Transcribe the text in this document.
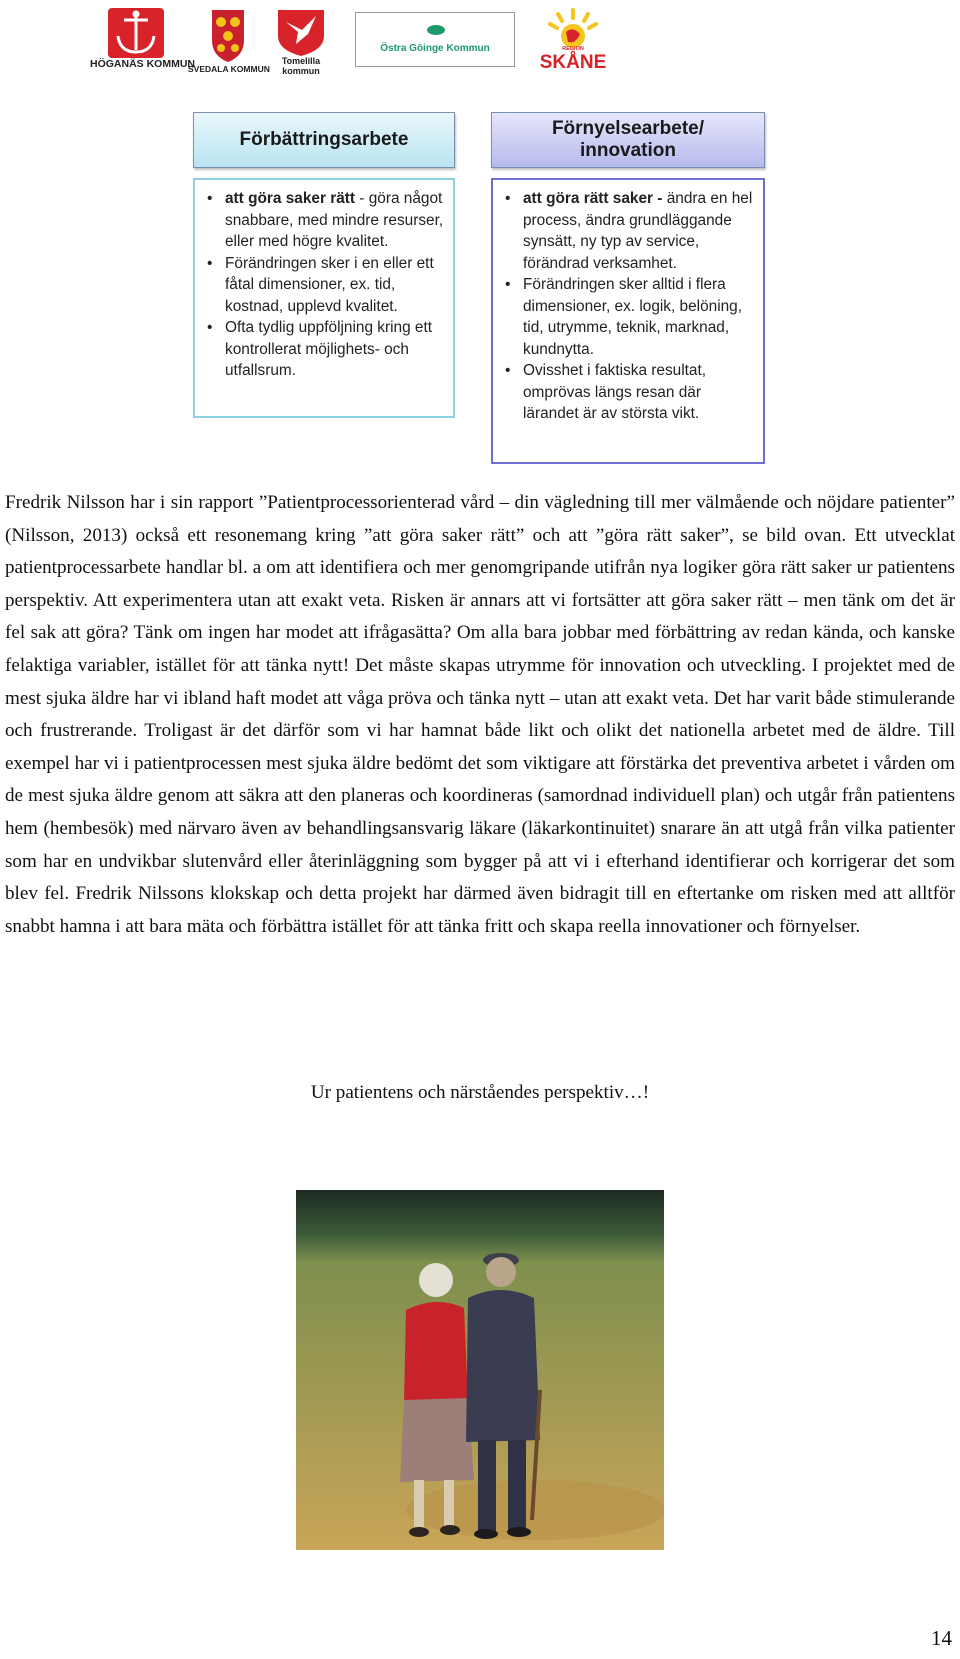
HÖGANÄS KOMMUN
SVEDALA KOMMUN
Tomelilla kommun
Östra Göinge Kommun	REGION
SKÅNE
Förbättringsarbete
Förnyelsearbete/
innovation
• att göra saker rätt - göra något snabbare, med mindre resurser, eller med högre kvalitet.
• Förändringen sker i en eller ett fåtal dimensioner, ex. tid, kostnad, upplevd kvalitet.
• Ofta tydlig uppföljning kring ett kontrollerat möjlighets- och utfallsrum.
• att göra rätt saker - ändra en hel process, ändra grundläggande synsätt, ny typ av service, förändrad verksamhet.
• Förändringen sker alltid i flera dimensioner, ex. logik, belöning, tid, utrymme, teknik, marknad, kundnytta.
• Ovisshet i faktiska resultat, omprövas längs resan där lärandet är av största vikt.

Fredrik Nilsson har i sin rapport ”Patientprocessorienterad vård – din vägledning till mer välmående och nöjdare patienter” (Nilsson, 2013) också ett resonemang kring ”att göra saker rätt” och att ”göra rätt saker”, se bild ovan. Ett utvecklat patientprocessarbete handlar bl. a om att identifiera och mer genomgripande utifrån nya logiker göra rätt saker ur patientens perspektiv. Att experimentera utan att exakt veta. Risken är annars att vi fortsätter att göra saker rätt – men tänk om det är fel sak att göra? Tänk om ingen har modet att ifrågasätta? Om alla bara jobbar med förbättring av redan kända, och kanske felaktiga variabler, istället för att tänka nytt! Det måste skapas utrymme för innovation och utveckling. I projektet med de mest sjuka äldre har vi ibland haft modet att våga pröva och tänka nytt – utan att exakt veta. Det har varit både stimulerande och frustrerande. Troligast är det därför som vi har hamnat både likt och olikt det nationella arbetet med de äldre. Till exempel har vi i patientprocessen mest sjuka äldre bedömt det som viktigare att förstärka det preventiva arbetet i vården om de mest sjuka äldre genom att säkra att den planeras och koordineras (samordnad individuell plan) och utgår från patientens hem (hembesök) med närvaro även av behandlingsansvarig läkare (läkarkontinuitet) snarare än att utgå från vilka patienter som har en undvikbar slutenvård eller återinläggning som bygger på att vi i efterhand identifierar och korrigerar det som blev fel. Fredrik Nilssons klokskap och detta projekt har därmed även bidragit till en eftertanke om risken med att alltför snabbt hamna i att bara mäta och förbättra istället för att tänka fritt och skapa reella innovationer och förnyelser.

Ur patientens och närståendes perspektiv…!
14
